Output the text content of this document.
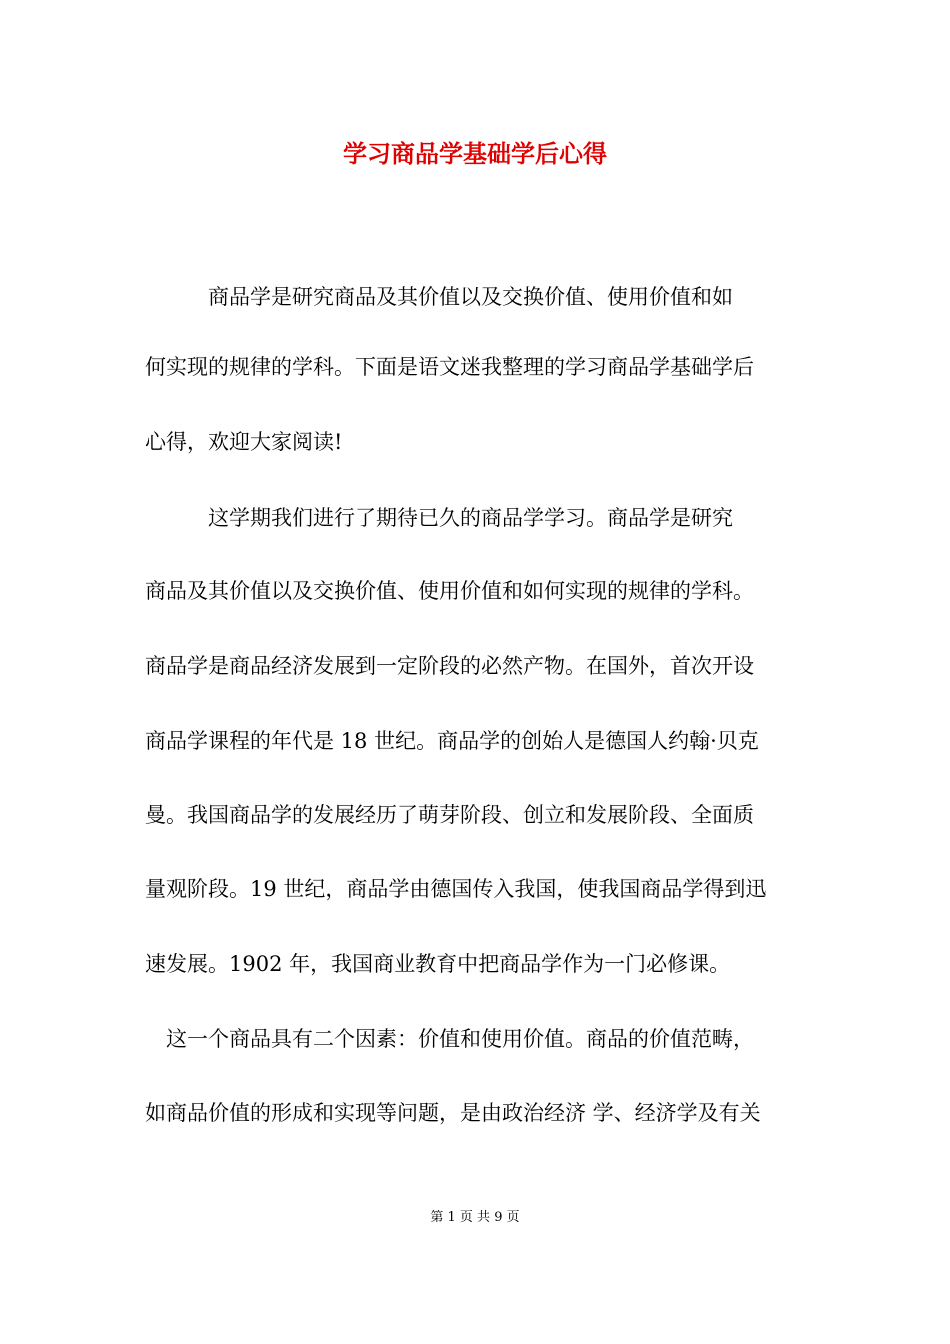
学习商品学基础学后心得
　　　商品学是研究商品及其价值以及交换价值、使用价值和如
何实现的规律的学科。下面是语文迷我整理的学习商品学基础学后
心得，欢迎大家阅读!
　　　这学期我们进行了期待已久的商品学学习。商品学是研究
商品及其价值以及交换价值、使用价值和如何实现的规律的学科。
商品学是商品经济发展到一定阶段的必然产物。在国外，首次开设
商品学课程的年代是 18 世纪。商品学的创始人是德国人约翰·贝克
曼。我国商品学的发展经历了萌芽阶段、创立和发展阶段、全面质
量观阶段。19 世纪，商品学由德国传入我国，使我国商品学得到迅
速发展。1902 年，我国商业教育中把商品学作为一门必修课。
　这一个商品具有二个因素：价值和使用价值。商品的价值范畴，
如商品价值的形成和实现等问题，是由政治经济 学、经济学及有关
第 1 页 共 9 页
